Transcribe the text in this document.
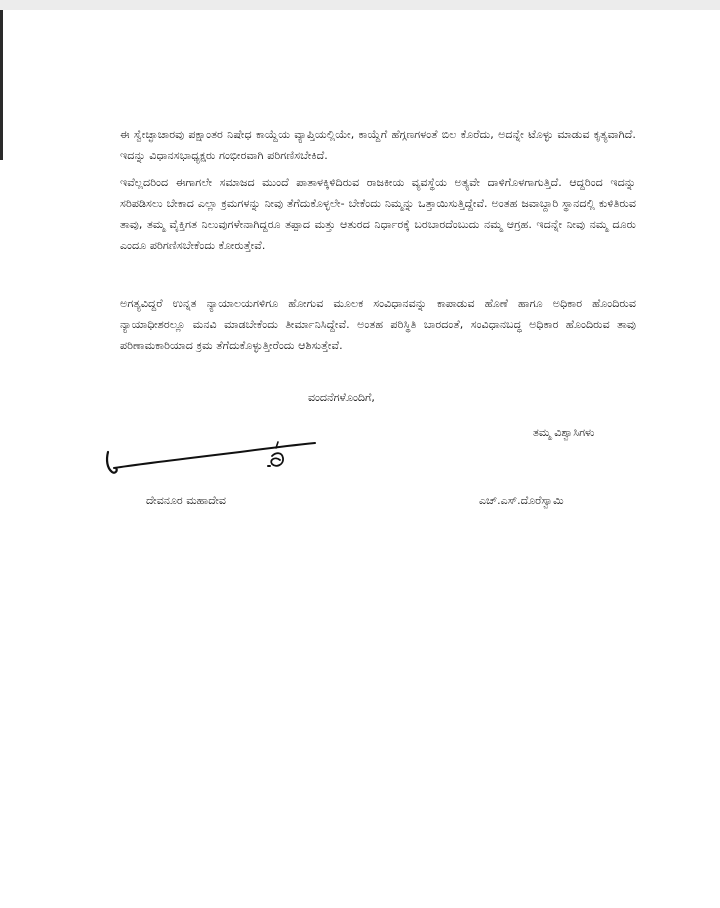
ಈ ಸ್ವೇಚ್ಛಾಚಾರವು ಪಕ್ಷಾಂತರ ನಿಷೇಧ ಕಾಯ್ದೆಯ ವ್ಯಾಪ್ತಿಯಲ್ಲಿಯೇ, ಕಾಯ್ದೆಗೆ ಹೆಗ್ಗಣಗಳಂತೆ ಬಿಲ ಕೊರೆದು, ಅದನ್ನೇ ಟೊಳ್ಳು ಮಾಡುವ ಕೃತ್ಯವಾಗಿದೆ. ಇದನ್ನು ವಿಧಾನಸಭಾಧ್ಯಕ್ಷರು ಗಂಭೀರವಾಗಿ ಪರಿಗಣಿಸಬೇಕಿದೆ.

ಇವೆಲ್ಲದರಿಂದ ಈಗಾಗಲೇ ಸಮಾಜದ ಮುಂದೆ ಪಾತಾಳಕ್ಕಿಳಿದಿರುವ ರಾಜಕೀಯ ವ್ಯವಸ್ಥೆಯ ಅತ್ಯವೇ ದಾಳಿಗೊಳಗಾಗುತ್ತಿದೆ. ಆದ್ದರಿಂದ ಇದನ್ನು ಸರಿಪಡಿಸಲು ಬೇಕಾದ ಎಲ್ಲಾ ಕ್ರಮಗಳನ್ನು ನೀವು ತೆಗೆದುಕೊಳ್ಳಲೇ- ಬೇಕೆಂದು ನಿಮ್ಮನ್ನು ಒತ್ತಾಯಿಸುತ್ತಿದ್ದೇವೆ. ಅಂತಹ ಜವಾಬ್ದಾರಿ ಸ್ಥಾನದಲ್ಲಿ ಕುಳಿತಿರುವ ತಾವು, ತಮ್ಮ ವೈಕ್ತಿಗತ ನಿಲುವುಗಳೇನಾಗಿದ್ದರೂ ತಪ್ಪಾದ ಮತ್ತು ಆತುರದ ನಿರ್ಧಾರಕ್ಕೆ ಬರಬಾರದೆಂಬುದು ನಮ್ಮ ಆಗ್ರಹ. ಇದನ್ನೇ ನೀವು ನಮ್ಮ ದೂರು ಎಂದೂ ಪರಿಗಣಿಸಬೇಕೆಂದು ಕೋರುತ್ತೇವೆ.

ಅಗತ್ಯವಿದ್ದರೆ ಉನ್ನತ ನ್ಯಾಯಾಲಯಗಳಿಗೂ ಹೋಗುವ ಮೂಲಕ ಸಂವಿಧಾನವನ್ನು ಕಾಪಾಡುವ ಹೊಣೆ ಹಾಗೂ ಅಧಿಕಾರ ಹೊಂದಿರುವ ನ್ಯಾಯಾಧೀಶರಲ್ಲೂ ಮನವಿ ಮಾಡಬೇಕೆಂದು ತೀರ್ಮಾನಿಸಿದ್ದೇವೆ. ಅಂತಹ ಪರಿಸ್ಥಿತಿ ಬಾರದಂತೆ, ಸಂವಿಧಾನಬದ್ಧ ಅಧಿಕಾರ ಹೊಂದಿರುವ ತಾವು ಪರಿಣಾಮಕಾರಿಯಾದ ಕ್ರಮ ತೆಗೆದುಕೊಳ್ಳುತ್ತೀರೆಂದು ಆಶಿಸುತ್ತೇವೆ.

ವಂದನೆಗಳೊಂದಿಗೆ,
ತಮ್ಮ ವಿಶ್ವಾಸಿಗಳು
ದೇವನೂರ ಮಹಾದೇವ	ಎಚ್.ಎಸ್.ದೊರೆಸ್ವಾಮಿ
